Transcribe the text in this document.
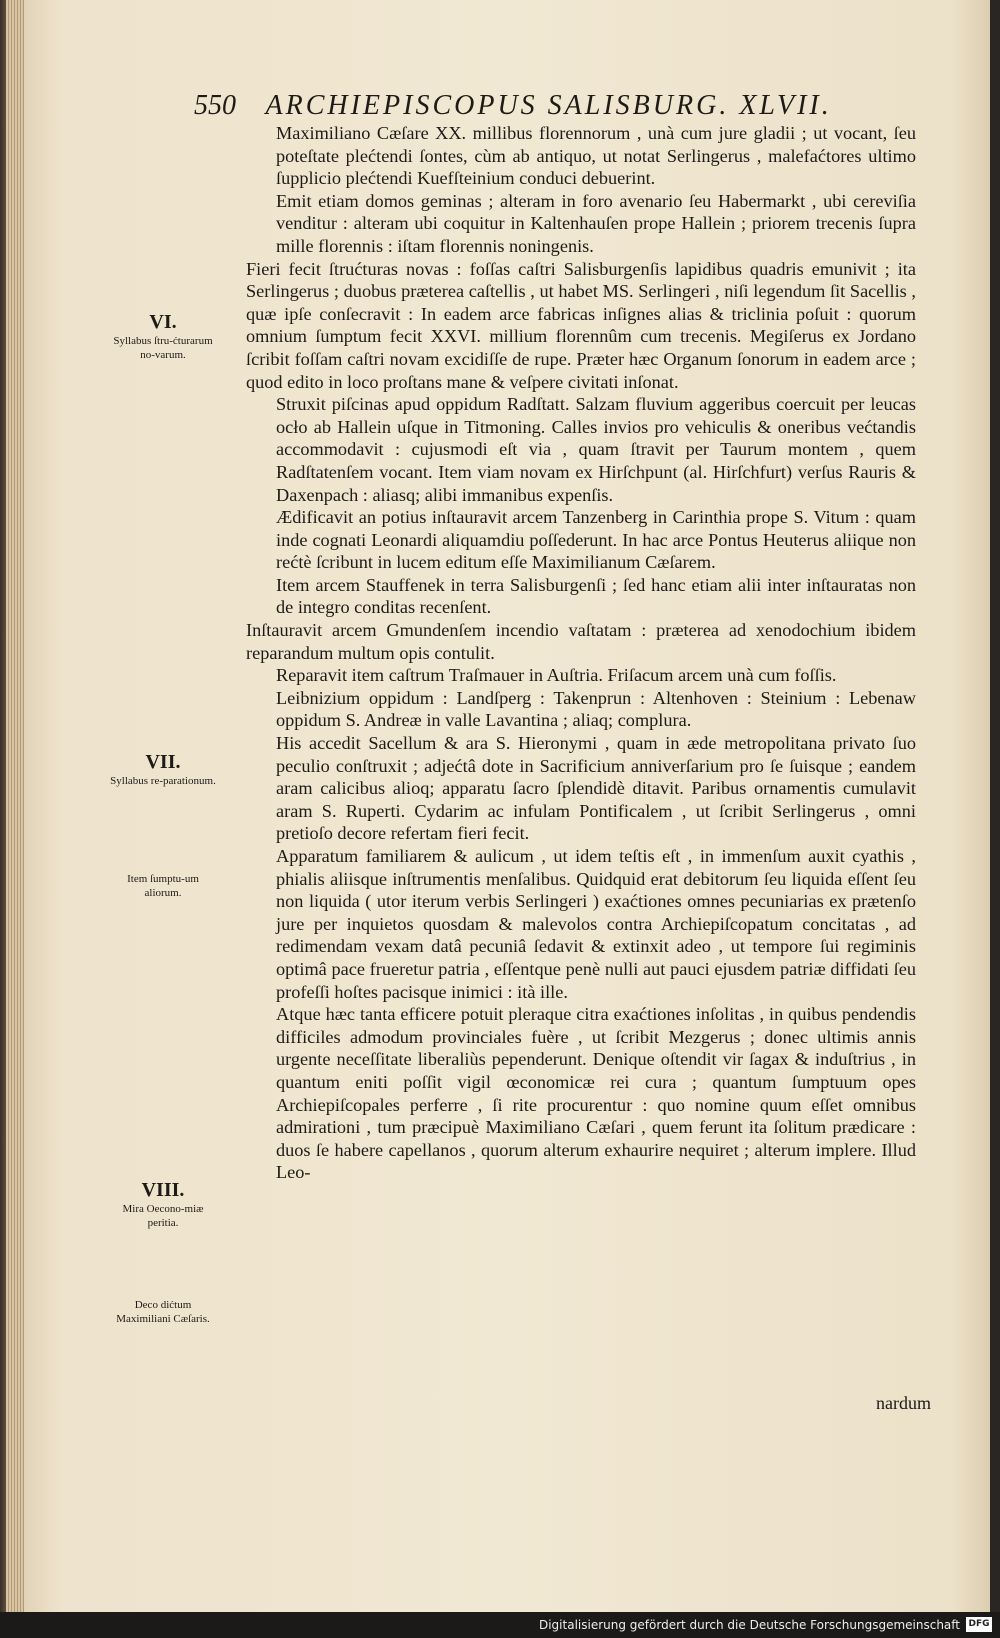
550 ARCHIEPISCOPUS SALISBURG. XLVII.
VI.
Syllabus ſtru-ćturarum no-varum.
VII.
Syllabus re-parationum.
Item ſumptu-um aliorum.
VIII.
Mira Oecono-miæ peritia.
Deco dićtum Maximiliani Cæſaris.

Maximiliano Cæſare XX. millibus florennorum , unà cum jure gladii ; ut vocant, ſeu poteſtate plećtendi ſontes, cùm ab antiquo, ut notat Serlingerus , malefaćtores ultimo ſupplicio plećtendi Kuefſteinium conduci debuerint.

Emit etiam domos geminas ; alteram in foro avenario ſeu Habermarkt , ubi cereviſia venditur : alteram ubi coquitur in Kaltenhauſen prope Hallein ; priorem trecenis ſupra mille florennis : iſtam florennis noningenis.

Fieri fecit ſtrućturas novas : foſſas caſtri Salisburgenſis lapidibus quadris emunivit ; ita Serlingerus ; duobus præterea caſtellis , ut habet MS. Serlingeri , niſi legendum ſit Sacellis , quæ ipſe conſecravit : In eadem arce fabricas inſignes alias & triclinia poſuit : quorum omnium ſumptum fecit XXVI. millium florennûm cum trecenis. Megiſerus ex Jordano ſcribit foſſam caſtri novam excidiſſe de rupe. Præter hæc Organum ſonorum in eadem arce ; quod edito in loco proſtans mane & veſpere civitati inſonat.

Struxit piſcinas apud oppidum Radſtatt. Salzam fluvium aggeribus coercuit per leucas ocło ab Hallein uſque in Titmoning. Calles invios pro vehiculis & oneribus većtandis accommodavit : cujusmodi eſt via , quam ſtravit per Taurum montem , quem Radſtatenſem vocant. Item viam novam ex Hirſchpunt (al. Hirſchfurt) verſus Rauris & Daxenpach : aliasq; alibi immanibus expenſis.

Ædificavit an potius inſtauravit arcem Tanzenberg in Carinthia prope S. Vitum : quam inde cognati Leonardi aliquamdiu poſſederunt. In hac arce Pontus Heuterus aliique non rećtè ſcribunt in lucem editum eſſe Maximilianum Cæſarem.

Item arcem Stauffenek in terra Salisburgenſi ; ſed hanc etiam alii inter inſtauratas non de integro conditas recenſent.

Inſtauravit arcem Gmundenſem incendio vaſtatam : præterea ad xenodochium ibidem reparandum multum opis contulit.

Reparavit item caſtrum Traſmauer in Auſtria. Friſacum arcem unà cum foſſis.

Leibnizium oppidum : Landſperg : Takenprun : Altenhoven : Steinium : Lebenaw oppidum S. Andreæ in valle Lavantina ; aliaq; complura.

His accedit Sacellum & ara S. Hieronymi , quam in æde metropolitana privato ſuo peculio conſtruxit ; adjećtâ dote in Sacrificium anniverſarium pro ſe ſuisque ; eandem aram calicibus alioq; apparatu ſacro ſplendidè ditavit. Paribus ornamentis cumulavit aram S. Ruperti. Cydarim ac infulam Pontificalem , ut ſcribit Serlingerus , omni pretioſo decore refertam fieri fecit.

Apparatum familiarem & aulicum , ut idem teſtis eſt , in immenſum auxit cyathis , phialis aliisque inſtrumentis menſalibus. Quidquid erat debitorum ſeu liquida eſſent ſeu non liquida ( utor iterum verbis Serlingeri ) exaćtiones omnes pecuniarias ex prætenſo jure per inquietos quosdam & malevolos contra Archiepiſcopatum concitatas , ad redimendam vexam datâ pecuniâ ſedavit & extinxit adeo , ut tempore ſui regiminis optimâ pace frueretur patria , eſſentque penè nulli aut pauci ejusdem patriæ diffidati ſeu profeſſi hoſtes pacisque inimici : ità ille.

Atque hæc tanta efficere potuit pleraque citra exaćtiones inſolitas , in quibus pendendis difficiles admodum provinciales fuère , ut ſcribit Mezgerus ; donec ultimis annis urgente neceſſitate liberaliùs pependerunt. Denique oſtendit vir ſagax & induſtrius , in quantum eniti poſſit vigil œconomicæ rei cura ; quantum ſumptuum opes Archiepiſcopales perferre , ſi rite procurentur : quo nomine quum eſſet omnibus admirationi , tum præcipuè Maximiliano Cæſari , quem ferunt ita ſolitum prædicare : duos ſe habere capellanos , quorum alterum exhaurire nequiret ; alterum implere. Illud Leo-

nardum
Digitalisierung gefördert durch die Deutsche Forschungsgemeinschaft DFG
